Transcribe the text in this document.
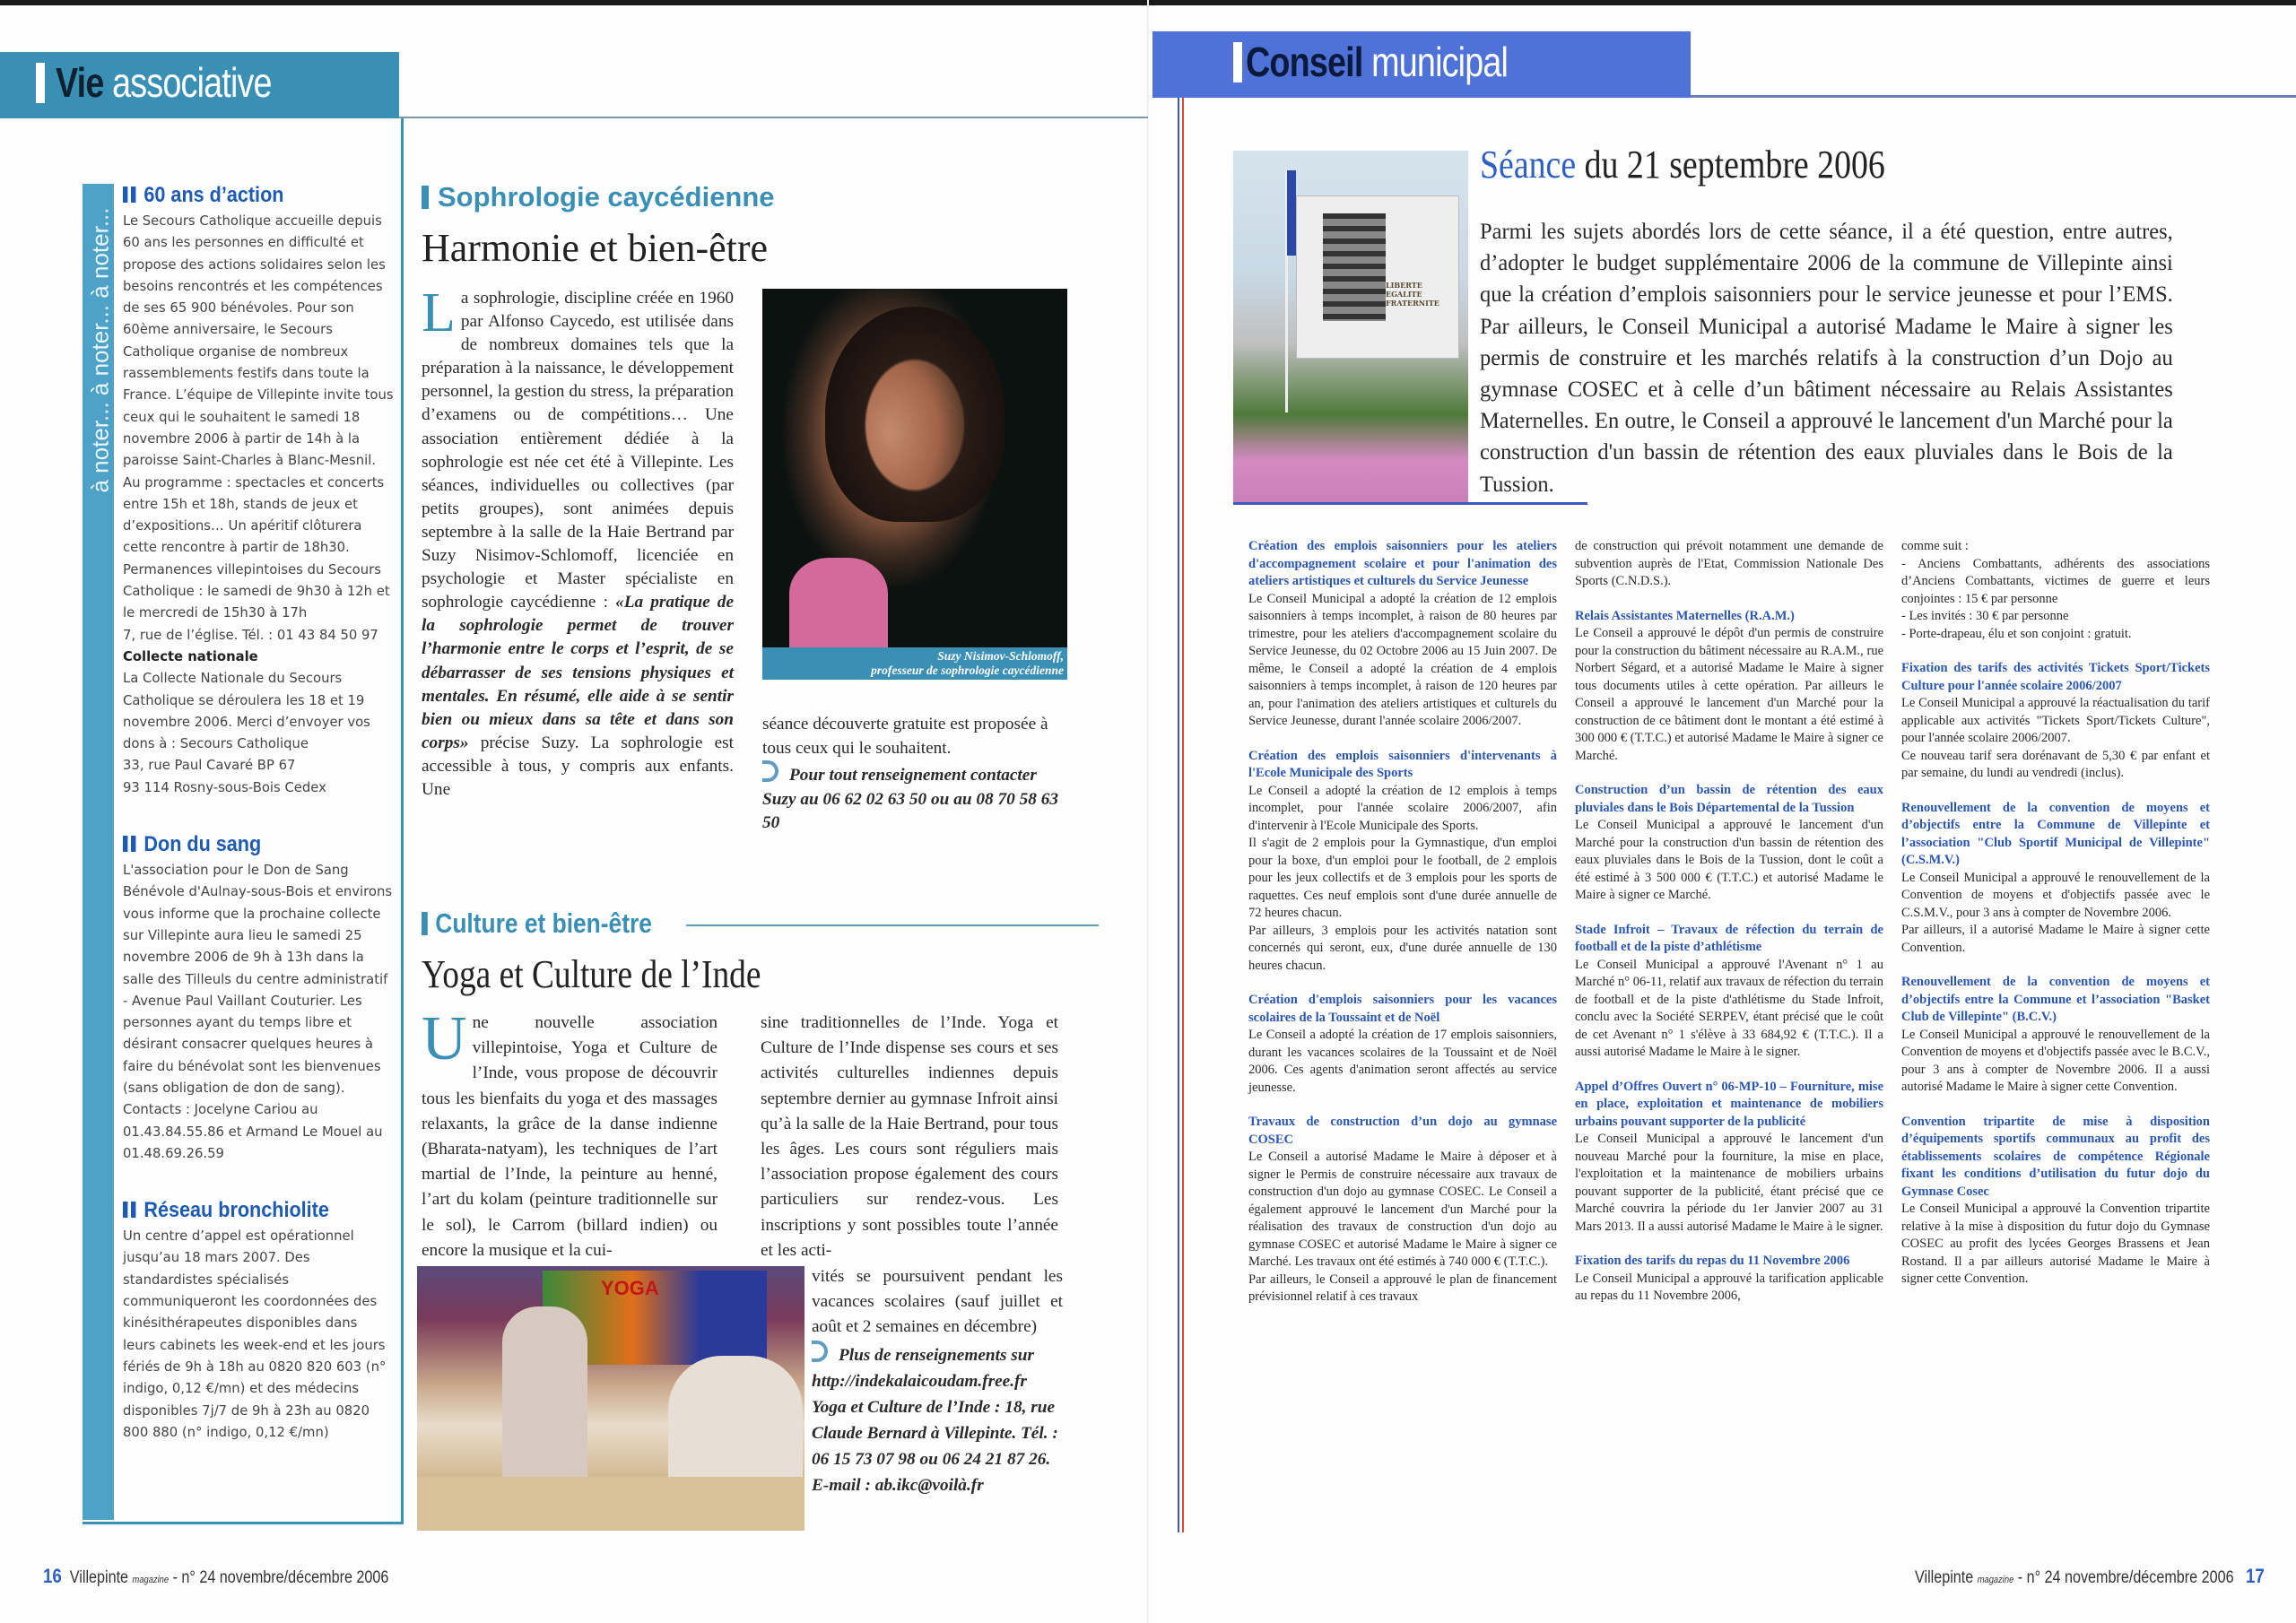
Vie associative
à noter... à noter... à noter...
60 ans d’action

Le Secours Catholique accueille depuis 60 ans les personnes en difficulté et propose des actions solidaires selon les besoins rencontrés et les compétences de ses 65 900 bénévoles. Pour son 60ème anniversaire, le Secours Catholique organise de nombreux rassemblements festifs dans toute la France. L’équipe de Villepinte invite tous ceux qui le souhaitent le samedi 18 novembre 2006 à partir de 14h à la paroisse Saint-Charles à Blanc-Mesnil. Au programme : spectacles et concerts entre 15h et 18h, stands de jeux et d’expositions… Un apéritif clôturera cette rencontre à partir de 18h30.

Permanences villepintoises du Secours Catholique : le samedi de 9h30 à 12h et le mercredi de 15h30 à 17h

7, rue de l’église. Tél. : 01 43 84 50 97

Collecte nationale

La Collecte Nationale du Secours Catholique se déroulera les 18 et 19 novembre 2006. Merci d’envoyer vos dons à : Secours Catholique

33, rue Paul Cavaré BP 67

93 114 Rosny-sous-Bois Cedex

Don du sang

L'association pour le Don de Sang Bénévole d'Aulnay-sous-Bois et environs vous informe que la prochaine collecte sur Villepinte aura lieu le samedi 25 novembre 2006 de 9h à 13h dans la salle des Tilleuls du centre administratif - Avenue Paul Vaillant Couturier. Les personnes ayant du temps libre et désirant consacrer quelques heures à faire du bénévolat sont les bienvenues (sans obligation de don de sang).

Contacts : Jocelyne Cariou au 01.43.84.55.86 et Armand Le Mouel au 01.48.69.26.59

Réseau bronchiolite

Un centre d’appel est opérationnel jusqu’au 18 mars 2007. Des standardistes spécialisés communiqueront les coordonnées des kinésithérapeutes disponibles dans leurs cabinets les week-end et les jours fériés de 9h à 18h au 0820 820 603 (n° indigo, 0,12 €/mn) et des médecins disponibles 7j/7 de 9h à 23h au 0820 800 880 (n° indigo, 0,12 €/mn)

Sophrologie caycédienne
Harmonie et bien-être
La sophrologie, discipline créée en 1960 par Alfonso Caycedo, est utilisée dans de nombreux domaines tels que la préparation à la naissance, le développement personnel, la gestion du stress, la préparation d’examens ou de compétitions… Une association entièrement dédiée à la sophrologie est née cet été à Villepinte. Les séances, individuelles ou collectives (par petits groupes), sont animées depuis septembre à la salle de la Haie Bertrand par Suzy Nisimov-Schlomoff, licenciée en psychologie et Master spécialiste en sophrologie caycédienne : «La pratique de la sophrologie permet de trouver l’harmonie entre le corps et l’esprit, de se débarrasser de ses tensions physiques et mentales. En résumé, elle aide à se sentir bien ou mieux dans sa tête et dans son corps» précise Suzy. La sophrologie est accessible à tous, y compris aux enfants. Une
Suzy Nisimov-Schlomoff,
professeur de sophrologie caycédienne
séance découverte gratuite est proposée à tous ceux qui le souhaitent.
Pour tout renseignement contacter Suzy au 06 62 02 63 50 ou au 08 70 58 63 50
Culture et bien-être
Yoga et Culture de l’Inde
Une nouvelle association villepintoise, Yoga et Culture de l’Inde, vous propose de découvrir tous les bienfaits du yoga et des massages relaxants, la grâce de la danse indienne (Bharata-natyam), les techniques de l’art martial de l’Inde, la peinture au henné, l’art du kolam (peinture traditionnelle sur le sol), le Carrom (billard indien) ou encore la musique et la cui-
sine traditionnelles de l’Inde. Yoga et Culture de l’Inde dispense ses cours et ses activités culturelles indiennes depuis septembre dernier au gymnase Infroit ainsi qu’à la salle de la Haie Bertrand, pour tous les âges. Les cours sont réguliers mais l’association propose également des cours particuliers sur rendez-vous. Les inscriptions y sont possibles toute l’année et les acti-
YOGA
vités se poursuivent pendant les vacances scolaires (sauf juillet et août et 2 semaines en décembre)
Plus de renseignements sur http://indekalaicoudam.free.fr Yoga et Culture de l’Inde : 18, rue Claude Bernard à Villepinte. Tél. : 06 15 73 07 98 ou 06 24 21 87 26. E-mail : ab.ikc@voilà.fr
16 Villepinte magazine - n° 24 novembre/décembre 2006
Conseil municipal
LIBERTE
EGALITE
FRATERNITE
Séance du 21 septembre 2006
Parmi les sujets abordés lors de cette séance, il a été question, entre autres, d’adopter le budget supplémentaire 2006 de la commune de Villepinte ainsi que la création d’emplois saisonniers pour le service jeunesse et pour l’EMS. Par ailleurs, le Conseil Municipal a autorisé Madame le Maire à signer les permis de construire et les marchés relatifs à la construction d’un Dojo au gymnase COSEC et à celle d’un bâtiment nécessaire au Relais Assistantes Maternelles. En outre, le Conseil a approuvé le lancement d'un Marché pour la construction d'un bassin de rétention des eaux pluviales dans le Bois de la Tussion.

Création des emplois saisonniers pour les ateliers d'accompagnement scolaire et pour l'animation des ateliers artistiques et culturels du Service Jeunesse

Le Conseil Municipal a adopté la création de 12 emplois saisonniers à temps incomplet, à raison de 80 heures par trimestre, pour les ateliers d'accompagnement scolaire du Service Jeunesse, du 02 Octobre 2006 au 15 Juin 2007. De même, le Conseil a adopté la création de 4 emplois saisonniers à temps incomplet, à raison de 120 heures par an, pour l'animation des ateliers artistiques et culturels du Service Jeunesse, durant l'année scolaire 2006/2007.

Création des emplois saisonniers d'intervenants à l'Ecole Municipale des Sports

Le Conseil a adopté la création de 12 emplois à temps incomplet, pour l'année scolaire 2006/2007, afin d'intervenir à l'Ecole Municipale des Sports.

Il s'agit de 2 emplois pour la Gymnastique, d'un emploi pour la boxe, d'un emploi pour le football, de 2 emplois pour les jeux collectifs et de 3 emplois pour les sports de raquettes. Ces neuf emplois sont d'une durée annuelle de 72 heures chacun.

Par ailleurs, 3 emplois pour les activités natation sont concernés qui seront, eux, d'une durée annuelle de 130 heures chacun.

Création d'emplois saisonniers pour les vacances scolaires de la Toussaint et de Noël

Le Conseil a adopté la création de 17 emplois saisonniers, durant les vacances scolaires de la Toussaint et de Noël 2006. Ces agents d'animation seront affectés au service jeunesse.

Travaux de construction d’un dojo au gymnase COSEC

Le Conseil a autorisé Madame le Maire à déposer et à signer le Permis de construire nécessaire aux travaux de construction d'un dojo au gymnase COSEC. Le Conseil a également approuvé le lancement d'un Marché pour la réalisation des travaux de construction d'un dojo au gymnase COSEC et autorisé Madame le Maire à signer ce Marché. Les travaux ont été estimés à 740 000 € (T.T.C.).

Par ailleurs, le Conseil a approuvé le plan de financement prévisionnel relatif à ces travaux

de construction qui prévoit notamment une demande de subvention auprès de l'Etat, Commission Nationale Des Sports (C.N.D.S.).

Relais Assistantes Maternelles (R.A.M.)

Le Conseil a approuvé le dépôt d'un permis de construire pour la construction du bâtiment nécessaire au R.A.M., rue Norbert Ségard, et a autorisé Madame le Maire à signer tous documents utiles à cette opération. Par ailleurs le Conseil a approuvé le lancement d'un Marché pour la construction de ce bâtiment dont le montant a été estimé à 300 000 € (T.T.C.) et autorisé Madame le Maire à signer ce Marché.

Construction d’un bassin de rétention des eaux pluviales dans le Bois Départemental de la Tussion

Le Conseil Municipal a approuvé le lancement d'un Marché pour la construction d'un bassin de rétention des eaux pluviales dans le Bois de la Tussion, dont le coût a été estimé à 3 500 000 € (T.T.C.) et autorisé Madame le Maire à signer ce Marché.

Stade Infroit – Travaux de réfection du terrain de football et de la piste d’athlétisme

Le Conseil Municipal a approuvé l'Avenant n° 1 au Marché n° 06-11, relatif aux travaux de réfection du terrain de football et de la piste d'athlétisme du Stade Infroit, conclu avec la Société SERPEV, étant précisé que le coût de cet Avenant n° 1 s'élève à 33 684,92 € (T.T.C.). Il a aussi autorisé Madame le Maire à le signer.

Appel d’Offres Ouvert n° 06-MP-10 – Fourniture, mise en place, exploitation et maintenance de mobiliers urbains pouvant supporter de la publicité

Le Conseil Municipal a approuvé le lancement d'un nouveau Marché pour la fourniture, la mise en place, l'exploitation et la maintenance de mobiliers urbains pouvant supporter de la publicité, étant précisé que ce Marché couvrira la période du 1er Janvier 2007 au 31 Mars 2013. Il a aussi autorisé Madame le Maire à le signer.

Fixation des tarifs du repas du 11 Novembre 2006

Le Conseil Municipal a approuvé la tarification applicable au repas du 11 Novembre 2006,

comme suit :

- Anciens Combattants, adhérents des associations d’Anciens Combattants, victimes de guerre et leurs conjointes : 15 € par personne

- Les invités : 30 € par personne

- Porte-drapeau, élu et son conjoint : gratuit.

Fixation des tarifs des activités Tickets Sport/Tickets Culture pour l'année scolaire 2006/2007

Le Conseil Municipal a approuvé la réactualisation du tarif applicable aux activités "Tickets Sport/Tickets Culture", pour l'année scolaire 2006/2007.

Ce nouveau tarif sera dorénavant de 5,30 € par enfant et par semaine, du lundi au vendredi (inclus).

Renouvellement de la convention de moyens et d’objectifs entre la Commune de Villepinte et l’association "Club Sportif Municipal de Villepinte" (C.S.M.V.)

Le Conseil Municipal a approuvé le renouvellement de la Convention de moyens et d'objectifs passée avec le C.S.M.V., pour 3 ans à compter de Novembre 2006.

Par ailleurs, il a autorisé Madame le Maire à signer cette Convention.

Renouvellement de la convention de moyens et d’objectifs entre la Commune et l’association "Basket Club de Villepinte" (B.C.V.)

Le Conseil Municipal a approuvé le renouvellement de la Convention de moyens et d'objectifs passée avec le B.C.V., pour 3 ans à compter de Novembre 2006. Il a aussi autorisé Madame le Maire à signer cette Convention.

Convention tripartite de mise à disposition d’équipements sportifs communaux au profit des établissements scolaires de compétence Régionale fixant les conditions d’utilisation du futur dojo du Gymnase Cosec

Le Conseil Municipal a approuvé la Convention tripartite relative à la mise à disposition du futur dojo du Gymnase COSEC au profit des lycées Georges Brassens et Jean Rostand. Il a par ailleurs autorisé Madame le Maire à signer cette Convention.

Villepinte magazine - n° 24 novembre/décembre 2006 17
